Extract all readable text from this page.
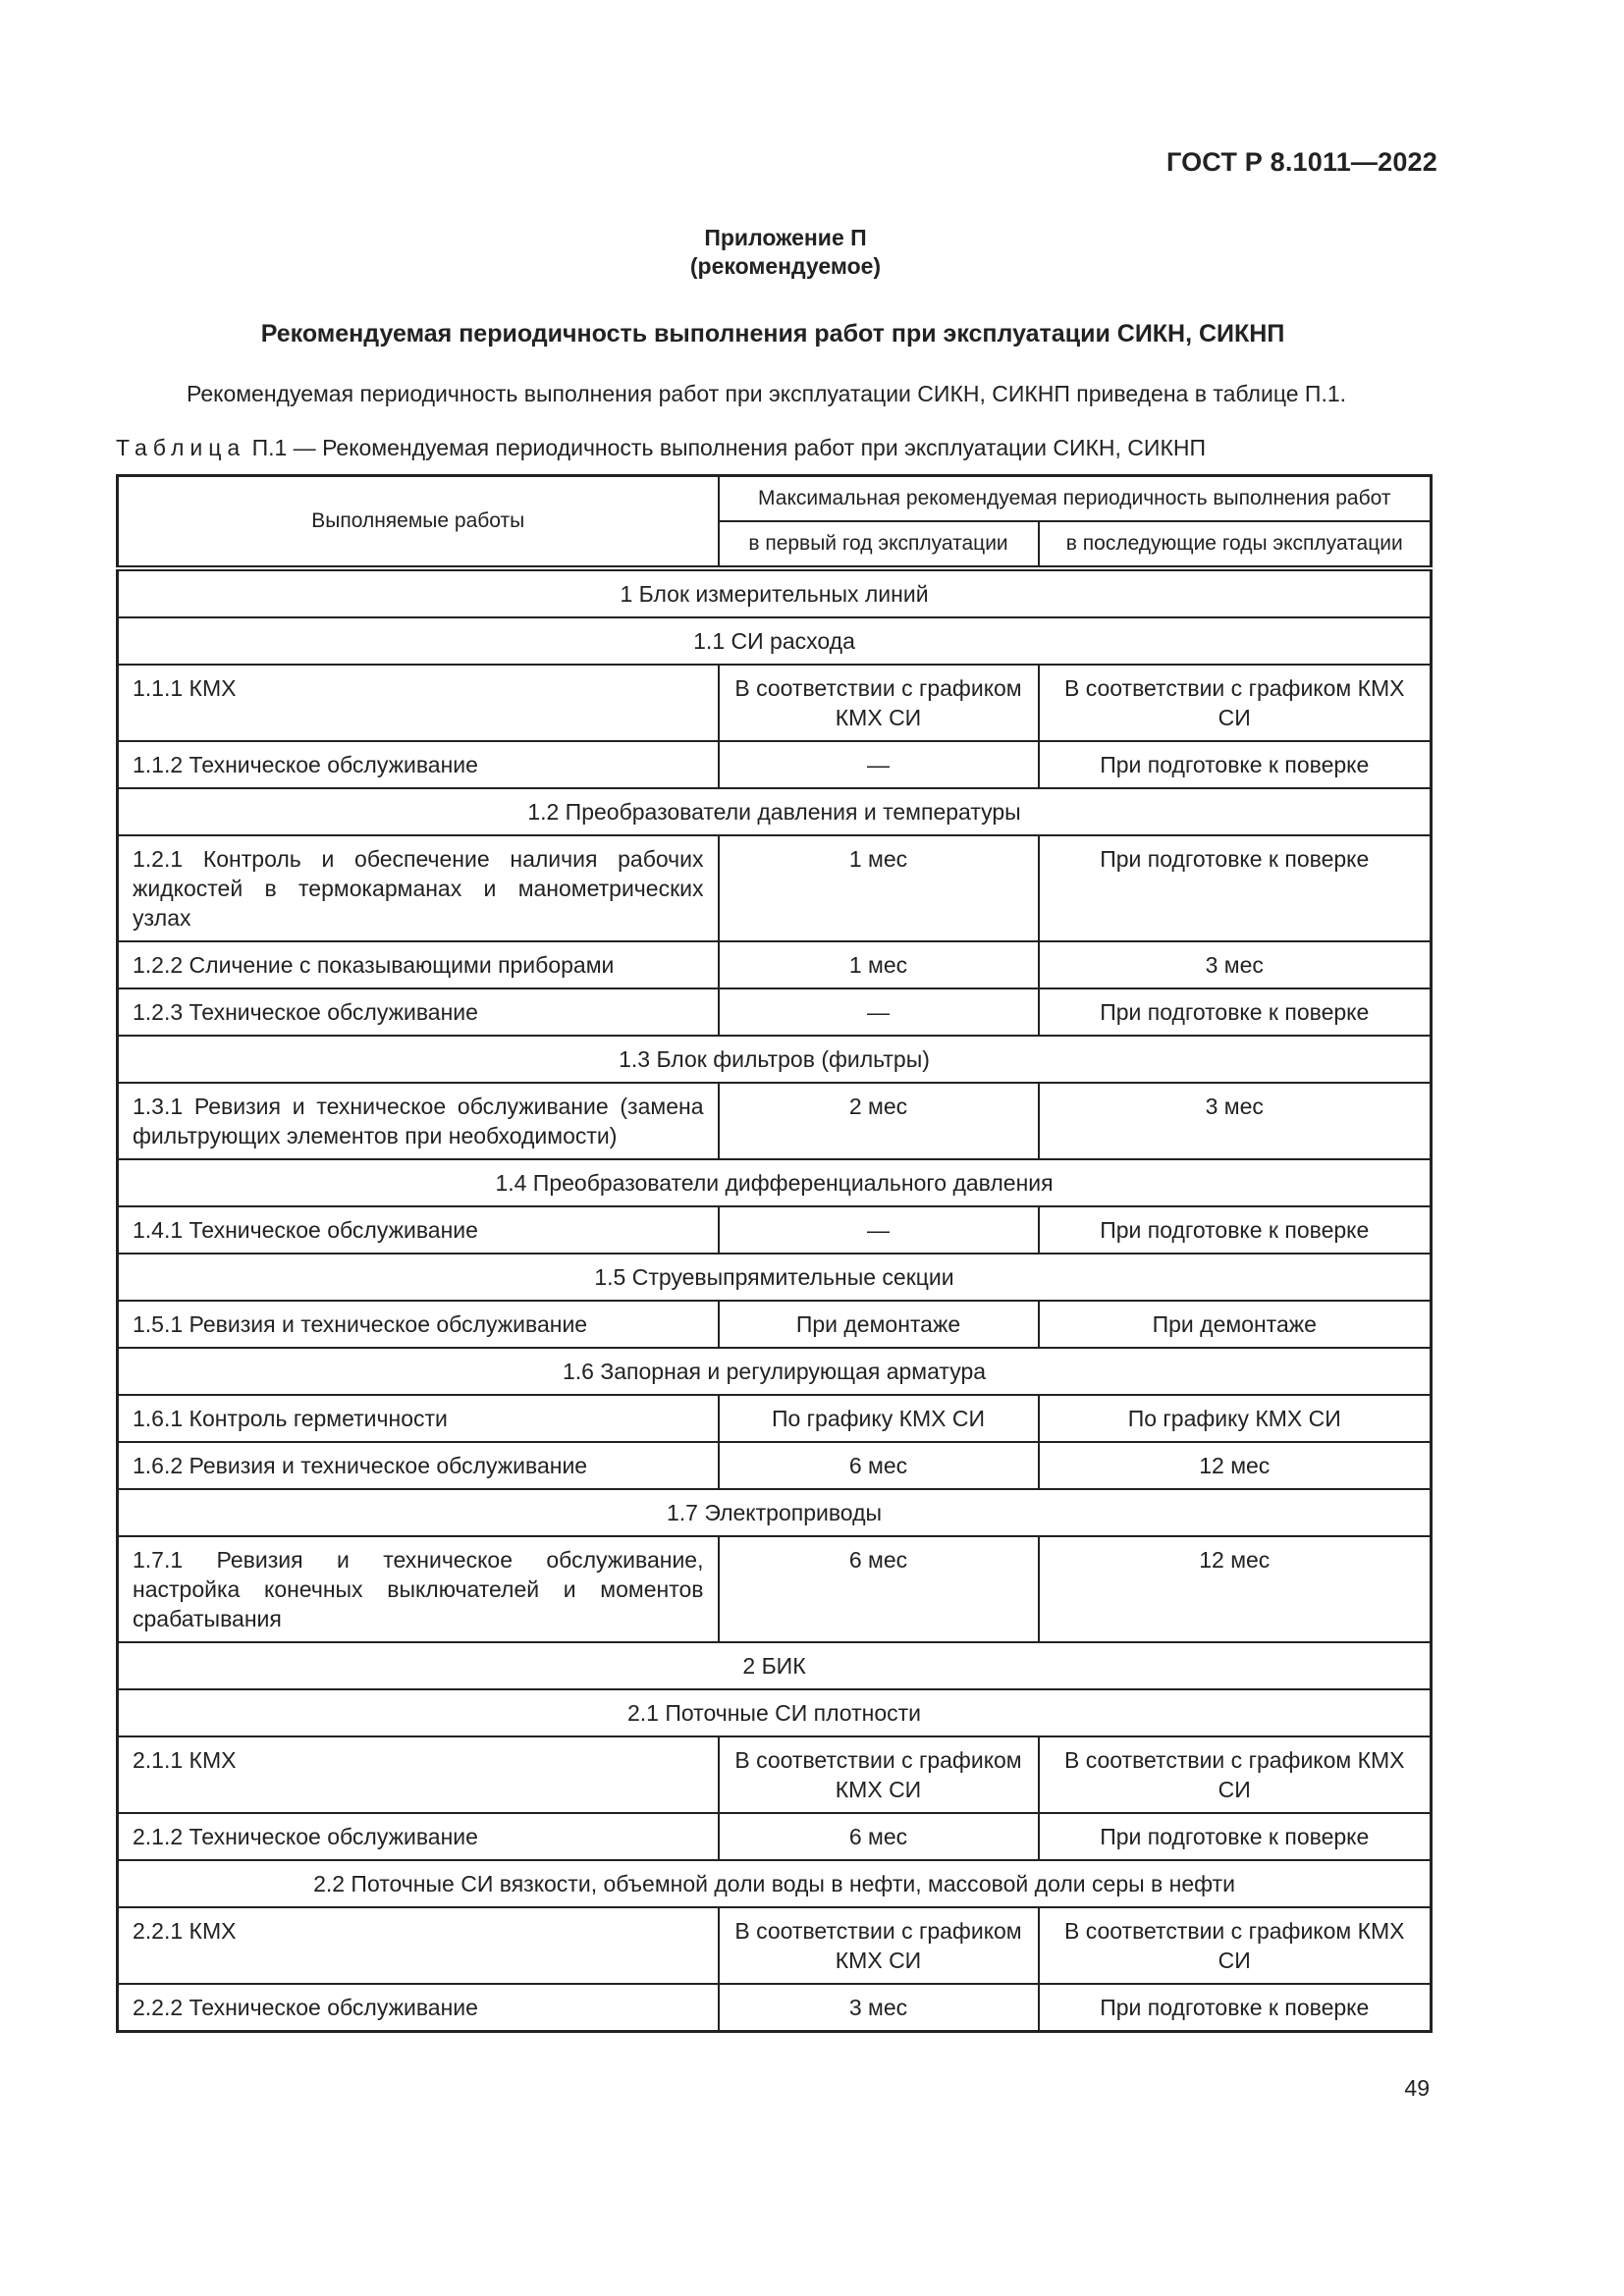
ГОСТ Р 8.1011—2022
Приложение П
(рекомендуемое)
Рекомендуемая периодичность выполнения работ при эксплуатации СИКН, СИКНП
Рекомендуемая периодичность выполнения работ при эксплуатации СИКН, СИКНП приведена в таблице П.1.
Таблица П.1 — Рекомендуемая периодичность выполнения работ при эксплуатации СИКН, СИКНП
Выполняемые работы	Максимальная рекомендуемая периодичность выполнения работ	
	в первый год эксплуатации	в последующие годы эксплуатации
1 Блок измерительных линий		
1.1 СИ расхода		
1.1.1 КМХ	В соответствии с графиком КМХ СИ	В соответствии с графиком КМХ СИ
1.1.2 Техническое обслуживание	—	При подготовке к поверке
1.2 Преобразователи давления и температуры		
1.2.1 Контроль и обеспечение наличия рабочих жидкостей в термокарманах и манометрических узлах	1 мес	При подготовке к поверке
1.2.2 Сличение с показывающими приборами	1 мес	3 мес
1.2.3 Техническое обслуживание	—	При подготовке к поверке
1.3 Блок фильтров (фильтры)		
1.3.1 Ревизия и техническое обслуживание (замена фильтрующих элементов при необходимости)	2 мес	3 мес
1.4 Преобразователи дифференциального давления		
1.4.1 Техническое обслуживание	—	При подготовке к поверке
1.5 Струевыпрямительные секции		
1.5.1 Ревизия и техническое обслуживание	При демонтаже	При демонтаже
1.6 Запорная и регулирующая арматура		
1.6.1 Контроль герметичности	По графику КМХ СИ	По графику КМХ СИ
1.6.2 Ревизия и техническое обслуживание	6 мес	12 мес
1.7 Электроприводы		
1.7.1 Ревизия и техническое обслуживание, настройка конечных выключателей и моментов срабатывания	6 мес	12 мес
2 БИК		
2.1 Поточные СИ плотности		
2.1.1 КМХ	В соответствии с графиком КМХ СИ	В соответствии с графиком КМХ СИ
2.1.2 Техническое обслуживание	6 мес	При подготовке к поверке
2.2 Поточные СИ вязкости, объемной доли воды в нефти, массовой доли серы в нефти		
2.2.1 КМХ	В соответствии с графиком КМХ СИ	В соответствии с графиком КМХ СИ
2.2.2 Техническое обслуживание	3 мес	При подготовке к поверке
49
